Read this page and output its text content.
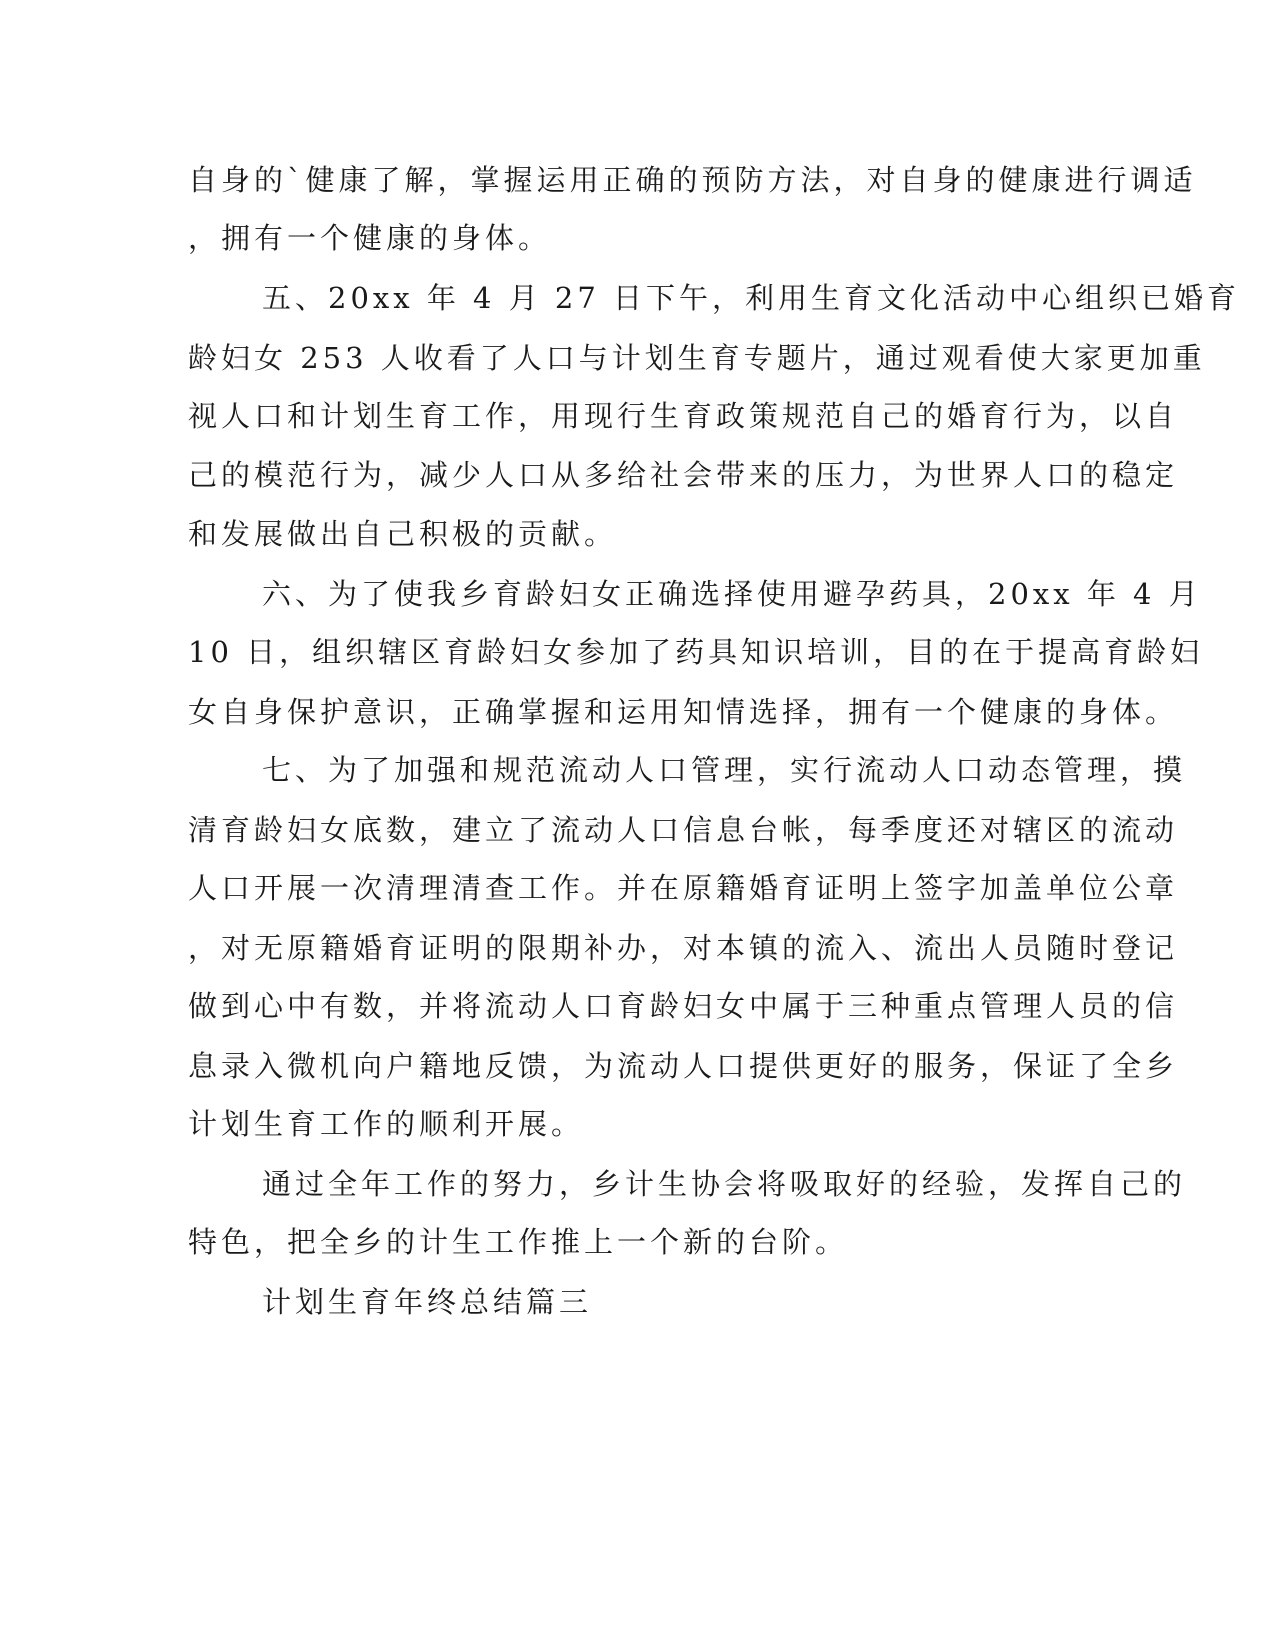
自身的`健康了解，掌握运用正确的预防方法，对自身的健康进行调适
，拥有一个健康的身体。
五、20xx 年 4 月 27 日下午，利用生育文化活动中心组织已婚育
龄妇女 253 人收看了人口与计划生育专题片，通过观看使大家更加重
视人口和计划生育工作，用现行生育政策规范自己的婚育行为，以自
己的模范行为，减少人口从多给社会带来的压力，为世界人口的稳定
和发展做出自己积极的贡献。
六、为了使我乡育龄妇女正确选择使用避孕药具，20xx 年 4 月
10 日，组织辖区育龄妇女参加了药具知识培训，目的在于提高育龄妇
女自身保护意识，正确掌握和运用知情选择，拥有一个健康的身体。
七、为了加强和规范流动人口管理，实行流动人口动态管理，摸
清育龄妇女底数，建立了流动人口信息台帐，每季度还对辖区的流动
人口开展一次清理清查工作。并在原籍婚育证明上签字加盖单位公章
，对无原籍婚育证明的限期补办，对本镇的流入、流出人员随时登记
做到心中有数，并将流动人口育龄妇女中属于三种重点管理人员的信
息录入微机向户籍地反馈，为流动人口提供更好的服务，保证了全乡
计划生育工作的顺利开展。
通过全年工作的努力，乡计生协会将吸取好的经验，发挥自己的
特色，把全乡的计生工作推上一个新的台阶。
计划生育年终总结篇三
